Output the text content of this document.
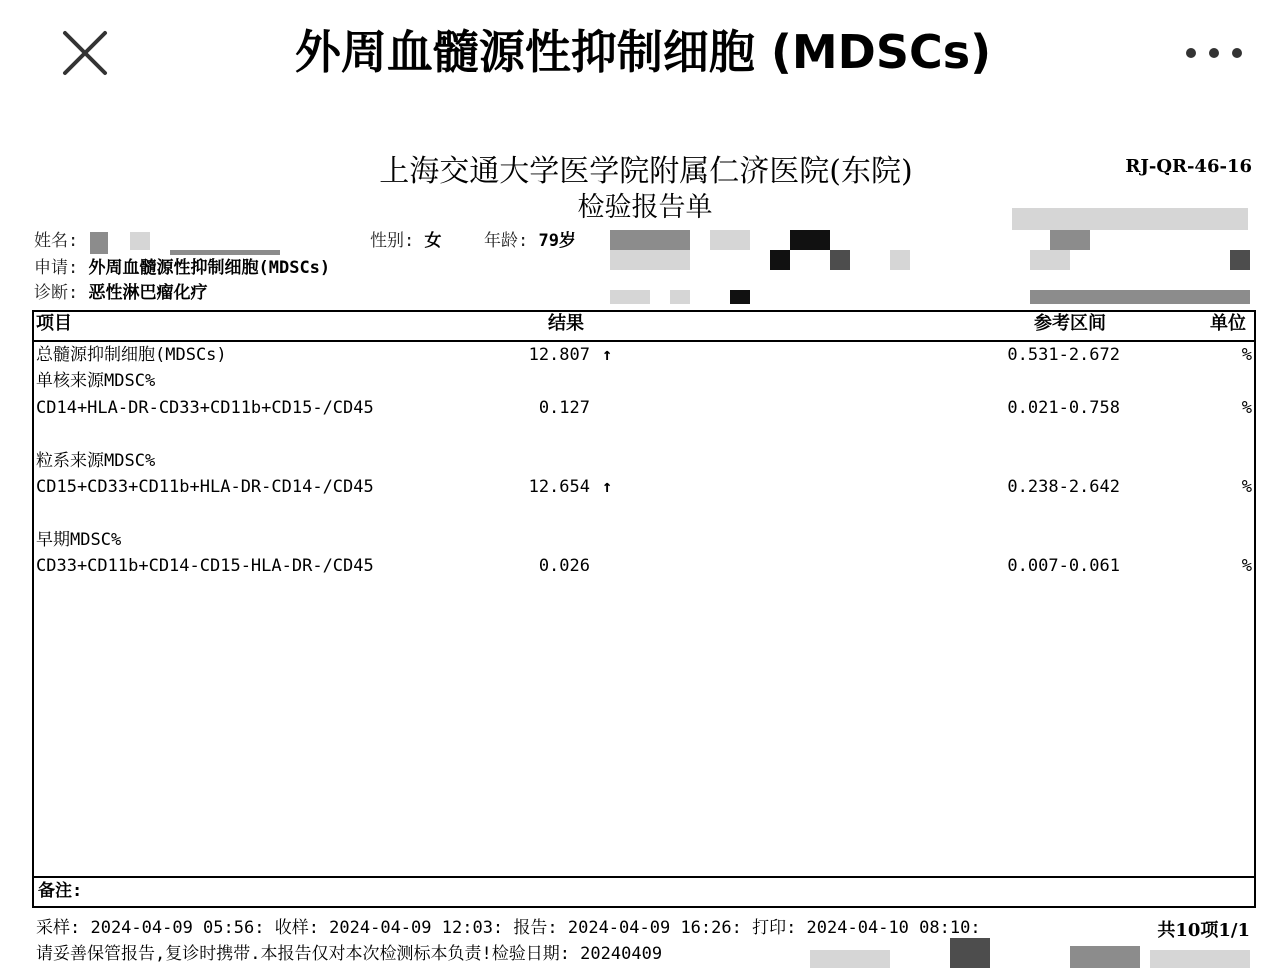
外周血髓源性抑制细胞 (MDSCs)
上海交通大学医学院附属仁济医院(东院)
检验报告单
RJ-QR-46-16
姓名:	性别: 女	年龄: 79岁
申请: 外周血髓源性抑制细胞(MDSCs)
诊断: 恶性淋巴瘤化疗
项目	结果	参考区间	单位
总髓源抑制细胞(MDSCs)	12.807 ↑	0.531-2.672	%
单核来源MDSC%
CD14+HLA-DR-CD33+CD11b+CD15-/CD45	0.127	0.021-0.758	%
粒系来源MDSC%
CD15+CD33+CD11b+HLA-DR-CD14-/CD45	12.654 ↑	0.238-2.642	%
早期MDSC%
CD33+CD11b+CD14-CD15-HLA-DR-/CD45	0.026	0.007-0.061	%
备注:
采样: 2024-04-09 05:56: 收样: 2024-04-09 12:03: 报告: 2024-04-09 16:26: 打印: 2024-04-10 08:10:	共10项1/1
请妥善保管报告,复诊时携带.本报告仅对本次检测标本负责!检验日期: 20240409
